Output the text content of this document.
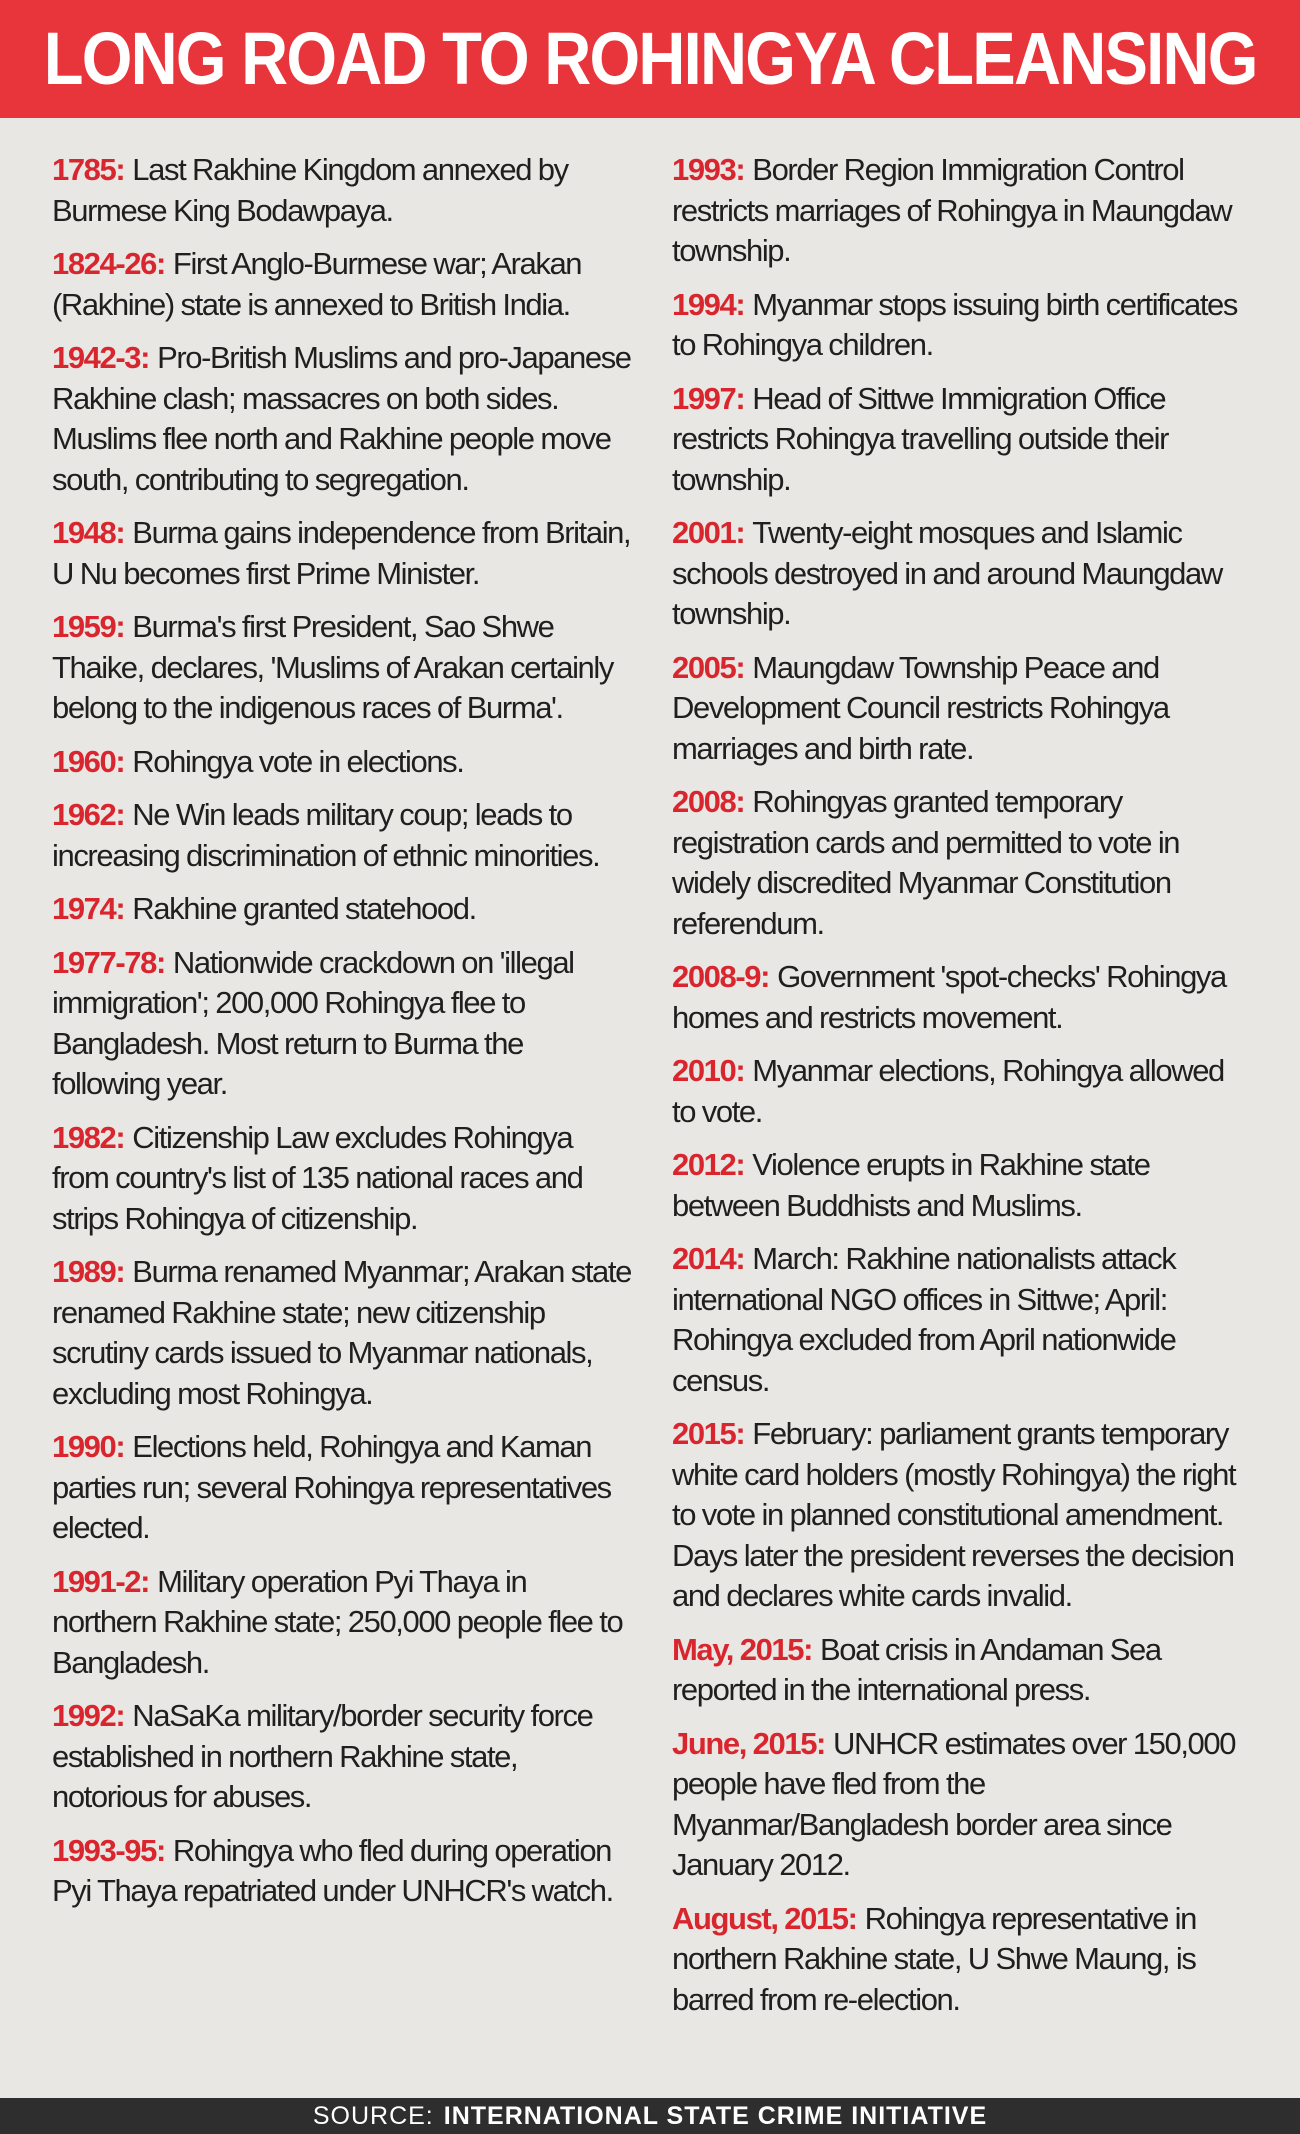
LONG ROAD TO ROHINGYA CLEANSING

1785: Last Rakhine Kingdom annexed by Burmese King Bodawpaya.

1824-26: First Anglo-Burmese war; Arakan (Rakhine) state is annexed to British India.

1942-3: Pro-British Muslims and pro-Japanese Rakhine clash; massacres on both sides. Muslims flee north and Rakhine people move south, contributing to segregation.

1948: Burma gains independence from Britain, U Nu becomes first Prime Minister.

1959: Burma's first President, Sao Shwe Thaike, declares, 'Muslims of Arakan certainly belong to the indigenous races of Burma'.

1960: Rohingya vote in elections.

1962: Ne Win leads military coup; leads to increasing discrimination of ethnic minorities.

1974: Rakhine granted statehood.

1977-78: Nationwide crackdown on 'illegal immigration'; 200,000 Rohingya flee to Bangladesh. Most return to Burma the following year.

1982: Citizenship Law excludes Rohingya from country's list of 135 national races and strips Rohingya of citizenship.

1989: Burma renamed Myanmar; Arakan state renamed Rakhine state; new citizenship scrutiny cards issued to Myanmar nationals, excluding most Rohingya.

1990: Elections held, Rohingya and Kaman parties run; several Rohingya representatives elected.

1991-2: Military operation Pyi Thaya in northern Rakhine state; 250,000 people flee to Bangladesh.

1992: NaSaKa military/border security force established in northern Rakhine state, notorious for abuses.

1993-95: Rohingya who fled during operation Pyi Thaya repatriated under UNHCR's watch.

1993: Border Region Immigration Control restricts marriages of Rohingya in Maungdaw township.

1994: Myanmar stops issuing birth certificates to Rohingya children.

1997: Head of Sittwe Immigration Office restricts Rohingya travelling outside their township.

2001: Twenty-eight mosques and Islamic schools destroyed in and around Maungdaw township.

2005: Maungdaw Township Peace and Development Council restricts Rohingya marriages and birth rate.

2008: Rohingyas granted temporary registration cards and permitted to vote in widely discredited Myanmar Constitution referendum.

2008-9: Government 'spot-checks' Rohingya homes and restricts movement.

2010: Myanmar elections, Rohingya allowed to vote.

2012: Violence erupts in Rakhine state between Buddhists and Muslims.

2014: March: Rakhine nationalists attack international NGO offices in Sittwe; April: Rohingya excluded from April nationwide census.

2015: February: parliament grants temporary white card holders (mostly Rohingya) the right to vote in planned constitutional amendment. Days later the president reverses the decision and declares white cards invalid.

May, 2015: Boat crisis in Andaman Sea reported in the international press.

June, 2015: UNHCR estimates over 150,000 people have fled from the Myanmar/Bangladesh border area since January 2012.

August, 2015: Rohingya representative in northern Rakhine state, U Shwe Maung, is barred from re-election.

SOURCE: INTERNATIONAL STATE CRIME INITIATIVE
